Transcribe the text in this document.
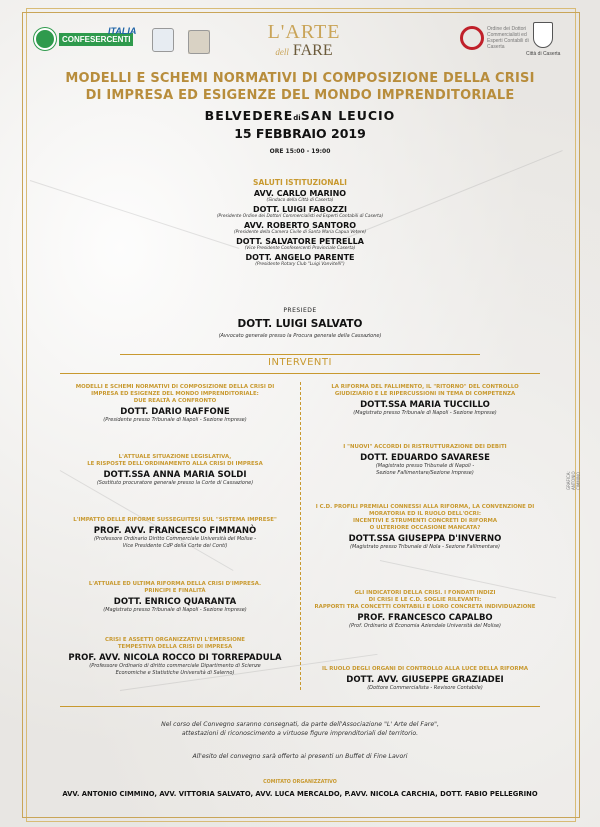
CONFESERCENTI
ITALIA	L'ARTE
dell FARE
Ordine dei Dottori Commercialisti ed Esperti Contabili di Caserta
Città di Caserta
MODELLI E SCHEMI NORMATIVI DI COMPOSIZIONE DELLA CRISI
DI IMPRESA ED ESIGENZE DEL MONDO IMPRENDITORIALE
BELVEDEREdiSAN LEUCIO
15 FEBBRAIO 2019
ORE 15:00 - 19:00
SALUTI ISTITUZIONALI
AVV. CARLO MARINO
(Sindaco della Città di Caserta)
DOTT. LUIGI FABOZZI
(Presidente Ordine dei Dottori Commercialisti ed Esperti Contabili di Caserta)
AVV. ROBERTO SANTORO
(Presidente della Camera Civile di Santa Maria Capua Vetere)
DOTT. SALVATORE PETRELLA
(Vice Presidente Confesercenti Provinciale Caserta)
DOTT. ANGELO PARENTE
(Presidente Rotary Club "Luigi Vanvitelli")
PRESIEDE
DOTT. LUIGI SALVATO
(Avvocato generale presso la Procura generale della Cassazione)
INTERVENTI
MODELLI E SCHEMI NORMATIVI DI COMPOSIZIONE DELLA CRISI DI
IMPRESA ED ESIGENZE DEL MONDO IMPRENDITORIALE:
DUE REALTÀ A CONFRONTO
DOTT. DARIO RAFFONE
(Presidente presso Tribunale di Napoli - Sezione Imprese)
L'ATTUALE SITUAZIONE LEGISLATIVA,
LE RISPOSTE DELL'ORDINAMENTO ALLA CRISI DI IMPRESA
DOTT.SSA ANNA MARIA SOLDI
(Sostituto procuratore generale presso la Corte di Cassazione)
L'IMPATTO DELLE RIFORME SUSSEGUITESI SUL "SISTEMA IMPRESE"
PROF. AVV. FRANCESCO FIMMANÒ
(Professore Ordinario Diritto Commerciale Università del Molise -
Vice Presidente CdP della Corte dei Conti)
L'ATTUALE ED ULTIMA RIFORMA DELLA CRISI D'IMPRESA.
PRINCIPI E FINALITÀ
DOTT. ENRICO QUARANTA
(Magistrato presso Tribunale di Napoli - Sezione Imprese)
CRISI E ASSETTI ORGANIZZATIVI L'EMERSIONE
TEMPESTIVA DELLA CRISI DI IMPRESA
PROF. AVV. NICOLA ROCCO DI TORREPADULA
(Professore Ordinario di diritto commerciale Dipartimento di Scienze
Economiche e Statistiche Università di Salerno)
LA RIFORMA DEL FALLIMENTO, IL "RITORNO" DEL CONTROLLO
GIUDIZIARIO E LE RIPERCUSSIONI IN TEMA DI COMPETENZA
DOTT.SSA MARIA TUCCILLO
(Magistrato presso Tribunale di Napoli - Sezione Imprese)
I "NUOVI" ACCORDI DI RISTRUTTURAZIONE DEI DEBITI
DOTT. EDUARDO SAVARESE
(Magistrato presso Tribunale di Napoli -
Sezione Fallimentare/Sezione Imprese)
I C.D. PROFILI PREMIALI CONNESSI ALLA RIFORMA, LA CONVENZIONE DI
MORATORIA ED IL RUOLO DELL'OCRI:
INCENTIVI E STRUMENTI CONCRETI DI RIFORMA
O ULTERIORE OCCASIONE MANCATA?
DOTT.SSA GIUSEPPA D'INVERNO
(Magistrato presso Tribunale di Nola - Sezione Fallimentare)
GLI INDICATORI DELLA CRISI. I FONDATI INDIZI
DI CRISI E LE C.D. SOGLIE RILEVANTI:
RAPPORTI TRA CONCETTI CONTABILI E LORO CONCRETA INDIVIDUAZIONE
PROF. FRANCESCO CAPALBO
(Prof. Ordinario di Economia Aziendale Università del Molise)
IL RUOLO DEGLI ORGANI DI CONTROLLO ALLA LUCE DELLA RIFORMA
DOTT. AVV. GIUSEPPE GRAZIADEI
(Dottore Commercialista - Revisore Contabile)
Nel corso del Convegno saranno consegnati, da parte dell'Associazione "L' Arte del Fare",
attestazioni di riconoscimento a virtuose figure imprenditoriali del territorio.
All'esito del convegno sarà offerto ai presenti un Buffet di Fine Lavori
COMITATO ORGANIZZATIVO
AVV. ANTONIO CIMMINO, AVV. VITTORIA SALVATO, AVV. LUCA MERCALDO, P.AVV. NICOLA CARCHIA, DOTT. FABIO PELLEGRINO
GRAFICA: ANTONIO CIMMINO
